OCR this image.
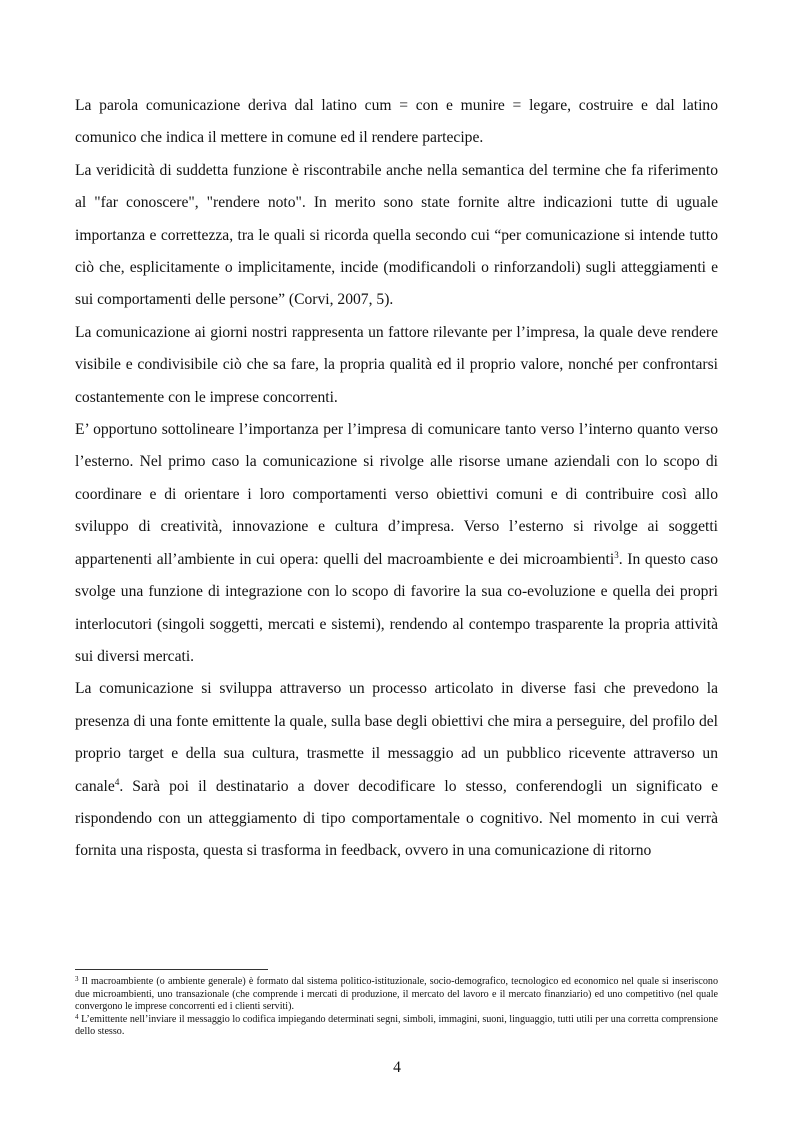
La parola comunicazione deriva dal latino cum = con e munire = legare, costruire e dal latino comunico che indica il mettere in comune ed il rendere partecipe.

La veridicità di suddetta funzione è riscontrabile anche nella semantica del termine che fa riferimento al "far conoscere", "rendere noto". In merito sono state fornite altre indicazioni tutte di uguale importanza e correttezza, tra le quali si ricorda quella secondo cui “per comunicazione si intende tutto ciò che, esplicitamente o implicitamente, incide (modificandoli o rinforzandoli) sugli atteggiamenti e sui comportamenti delle persone” (Corvi, 2007, 5).

La comunicazione ai giorni nostri rappresenta un fattore rilevante per l’impresa, la quale deve rendere visibile e condivisibile ciò che sa fare, la propria qualità ed il proprio valore, nonché per confrontarsi costantemente con le imprese concorrenti.

E’ opportuno sottolineare l’importanza per l’impresa di comunicare tanto verso l’interno quanto verso l’esterno. Nel primo caso la comunicazione si rivolge alle risorse umane aziendali con lo scopo di coordinare e di orientare i loro comportamenti verso obiettivi comuni e di contribuire così allo sviluppo di creatività, innovazione e cultura d’impresa. Verso l’esterno si rivolge ai soggetti appartenenti all’ambiente in cui opera: quelli del macroambiente e dei microambienti$^3$. In questo caso svolge una funzione di integrazione con lo scopo di favorire la sua co-evoluzione e quella dei propri interlocutori (singoli soggetti, mercati e sistemi), rendendo al contempo trasparente la propria attività sui diversi mercati.

La comunicazione si sviluppa attraverso un processo articolato in diverse fasi che prevedono la presenza di una fonte emittente la quale, sulla base degli obiettivi che mira a perseguire, del profilo del proprio target e della sua cultura, trasmette il messaggio ad un pubblico ricevente attraverso un canale$^4$. Sarà poi il destinatario a dover decodificare lo stesso, conferendogli un significato e rispondendo con un atteggiamento di tipo comportamentale o cognitivo. Nel momento in cui verrà fornita una risposta, questa si trasforma in feedback, ovvero in una comunicazione di ritorno

$^3$ Il macroambiente (o ambiente generale) è formato dal sistema politico-istituzionale, socio-demografico, tecnologico ed economico nel quale si inseriscono due microambienti, uno transazionale (che comprende i mercati di produzione, il mercato del lavoro e il mercato finanziario) ed uno competitivo (nel quale convergono le imprese concorrenti ed i clienti serviti).

$^4$ L’emittente nell’inviare il messaggio lo codifica impiegando determinati segni, simboli, immagini, suoni, linguaggio, tutti utili per una corretta comprensione dello stesso.

4
